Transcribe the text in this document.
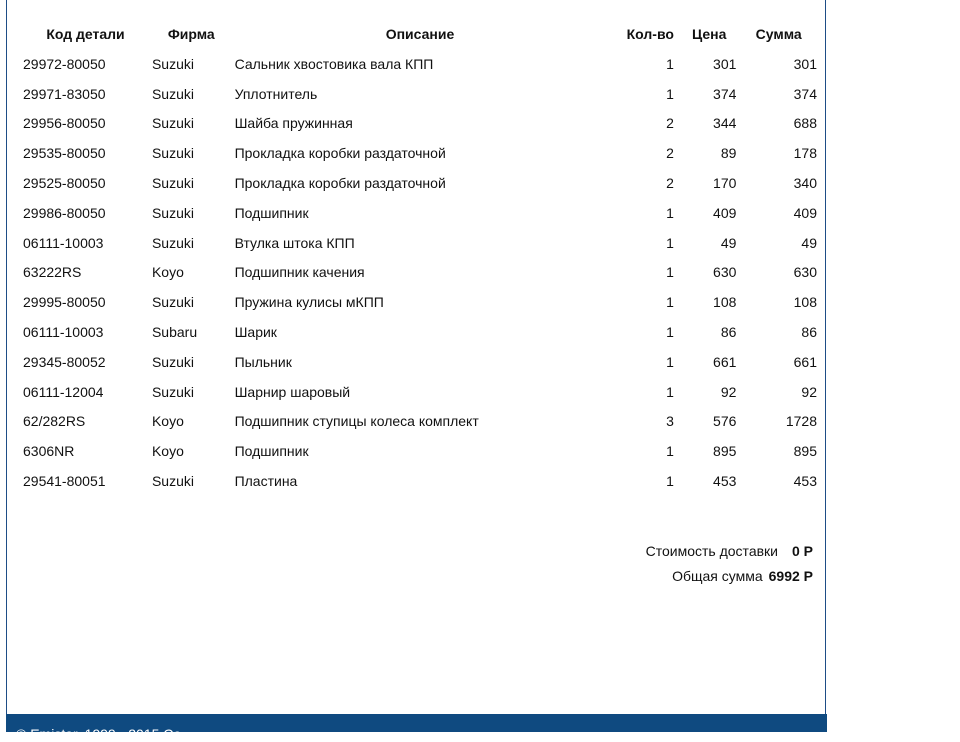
Код детали	Фирма	Описание	Кол-во	Цена	Сумма
29972-80050	Suzuki	Сальник хвостовика вала КПП	1	301	301
29971-83050	Suzuki	Уплотнитель	1	374	374
29956-80050	Suzuki	Шайба пружинная	2	344	688
29535-80050	Suzuki	Прокладка коробки раздаточной	2	89	178
29525-80050	Suzuki	Прокладка коробки раздаточной	2	170	340
29986-80050	Suzuki	Подшипник	1	409	409
06111-10003	Suzuki	Втулка штока КПП	1	49	49
63222RS	Koyo	Подшипник качения	1	630	630
29995-80050	Suzuki	Пружина кулисы мКПП	1	108	108
06111-10003	Subaru	Шарик	1	86	86
29345-80052	Suzuki	Пыльник	1	661	661
06111-12004	Suzuki	Шарнир шаровый	1	92	92
62/282RS	Koyo	Подшипник ступицы колеса комплект	3	576	1728
6306NR	Koyo	Подшипник	1	895	895
29541-80051	Suzuki	Пластина	1	453	453
Стоимость доставки 0 Р
Общая сумма 6992 Р
© Emistar, 1999 - 2015 Co
